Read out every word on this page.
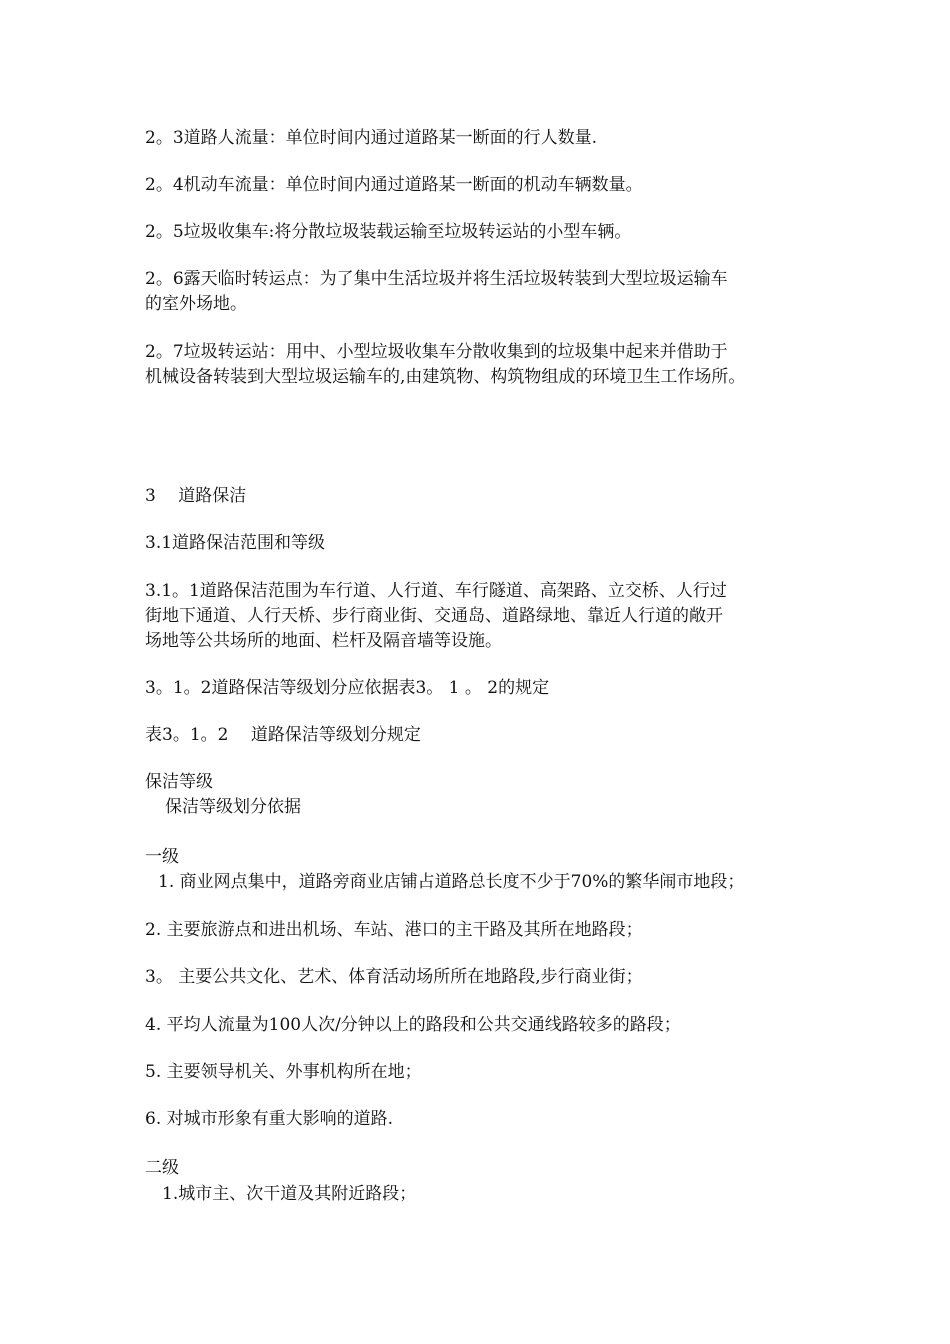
2。3道路人流量：单位时间内通过道路某一断面的行人数量.
2。4机动车流量：单位时间内通过道路某一断面的机动车辆数量。
2。5垃圾收集车:将分散垃圾装载运输至垃圾转运站的小型车辆。
2。6露天临时转运点：为了集中生活垃圾并将生活垃圾转装到大型垃圾运输车
的室外场地。
2。7垃圾转运站：用中、小型垃圾收集车分散收集到的垃圾集中起来并借助于
机械设备转装到大型垃圾运输车的,由建筑物、构筑物组成的环境卫生工作场所。
3　 道路保洁
3.1道路保洁范围和等级
3.1。1道路保洁范围为车行道、人行道、车行隧道、高架路、立交桥、人行过
街地下通道、人行天桥、步行商业街、交通岛、道路绿地、靠近人行道的敞开
场地等公共场所的地面、栏杆及隔音墙等设施。
3。1。2道路保洁等级划分应依据表3。 1 。 2的规定
表3。1。2　 道路保洁等级划分规定
保洁等级
保洁等级划分依据
一级
1. 商业网点集中，道路旁商业店铺占道路总长度不少于70%的繁华闹市地段；
2. 主要旅游点和进出机场、车站、港口的主干路及其所在地路段；
3。 主要公共文化、艺术、体育活动场所所在地路段,步行商业街；
4. 平均人流量为100人次/分钟以上的路段和公共交通线路较多的路段；
5. 主要领导机关、外事机构所在地；
6. 对城市形象有重大影响的道路.
二级
1.城市主、次干道及其附近路段；
